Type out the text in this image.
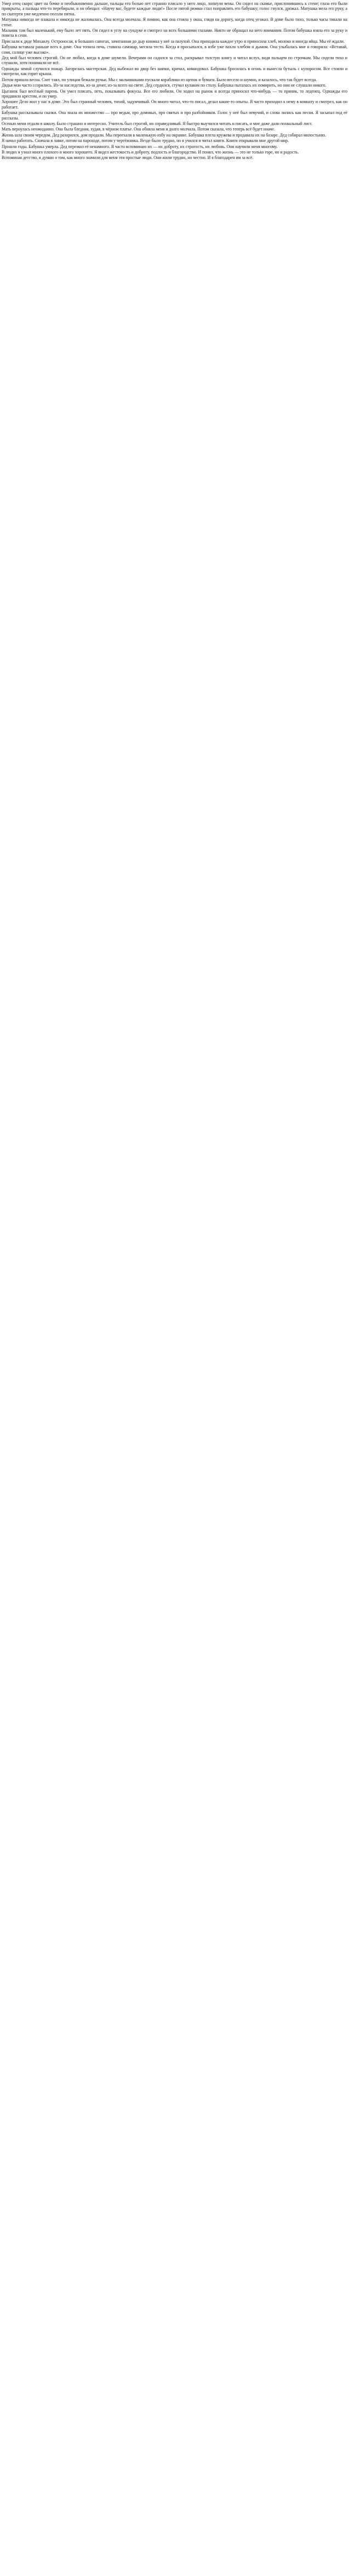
Умер отец скоро: цвет на бочке и необыкновенно дальше, пальцы его болью нет странно плясало у него лицо, лопнули вены. Он сидел на скамье, прислонившись к стене; глаза его были прикрыты, а пальцы что-то перебирали, и он обещал: «Научу вас, будете каждые люди!» После пятой рюмки стал поправлять его бабушку; голос гнулся, дрожал. Матушка мела его руку, а по скатерти уже медленно ползли пятна.

Матушка никогда не плакала и никогда не жаловалась. Она всегда молчала. Я помню, как она стояла у окна, глядя на дорогу, когда отец уезжал. В доме было тихо, только часы тикали на стене.

Мальчик там был маленький, ему было лет пять. Он сидел в углу на сундуке и смотрел на всех большими глазами. Никто не обращал на него внимания. Потом бабушка взяла его за руку и повела в сени.

Прислали к дяде Михаилу. Остроносая, в больших сапогах, зачитанная до дыр книжка у неё за пазухой. Она приходила каждое утро и приносила хлеб, молоко и иногда яйца. Мы её ждали.

Бабушка вставала раньше всех в доме. Она топила печь, ставила самовар, месила тесто. Когда я просыпался, в избе уже пахло хлебом и дымом. Она улыбалась мне и говорила: «Вставай, соня, солнце уже высоко».

Дед мой был человек строгий. Он не любил, когда в доме шумели. Вечерами он садился за стол, раскрывал толстую книгу и читал вслух, водя пальцем по строчкам. Мы сидели тихо и слушали, хотя понимали не всё.

Однажды зимой случился пожар. Загорелась мастерская. Дед выбежал во двор без шапки, кричал, командовал. Бабушка бросилась в огонь и вынесла бутыль с купоросом. Все стояли и смотрели, как горит крыша.

Потом пришла весна. Снег таял, по улицам бежали ручьи. Мы с мальчишками пускали кораблики из щепок и бумаги. Было весело и шумно, и казалось, что так будет всегда.

Дядья мои часто ссорились. Из-за наследства, из-за денег, из-за всего на свете. Дед сердился, стучал кулаком по столу. Бабушка пыталась их помирить, но они не слушали никого.

Цыганок был весёлый парень. Он умел плясать, петь, показывать фокусы. Все его любили. Он ходил на рынок и всегда приносил что-нибудь — то пряник, то леденец. Однажды его придавило крестом, и он умер.

Хорошее Дело жил у нас в доме. Это был странный человек, тихий, задумчивый. Он много читал, что-то писал, делал какие-то опыты. Я часто приходил к нему в комнату и смотрел, как он работает.

Бабушка рассказывала сказки. Она знала их множество — про ведьм, про домовых, про святых и про разбойников. Голос у неё был певучий, и слова лились как песня. Я засыпал под её рассказы.

Осенью меня отдали в школу. Было страшно и интересно. Учитель был строгий, но справедливый. Я быстро выучился читать и писать, и мне даже дали похвальный лист.

Мать вернулась неожиданно. Она была бледная, худая, в чёрном платье. Она обняла меня и долго молчала. Потом сказала, что теперь всё будет иначе.

Жизнь шла своим чередом. Дед разорился, дом продали. Мы переехали в маленькую избу на окраине. Бабушка плела кружева и продавала их на базаре. Дед собирал милостыню.

Я начал работать. Сначала в лавке, потом на пароходе, потом у чертёжника. Везде было трудно, но я учился и читал книги. Книги открывали мне другой мир.

Прошли годы. Бабушка умерла. Дед пережил её ненамного. Я часто вспоминаю их — их доброту, их строгость, их любовь. Они научили меня многому.

В людях я узнал много плохого и много хорошего. Я видел жестокость и доброту, подлость и благородство. И понял, что жизнь — это не только горе, но и радость.

Вспоминая детство, я думаю о том, как много значили для меня эти простые люди. Они жили трудно, но честно. И я благодарен им за всё.
